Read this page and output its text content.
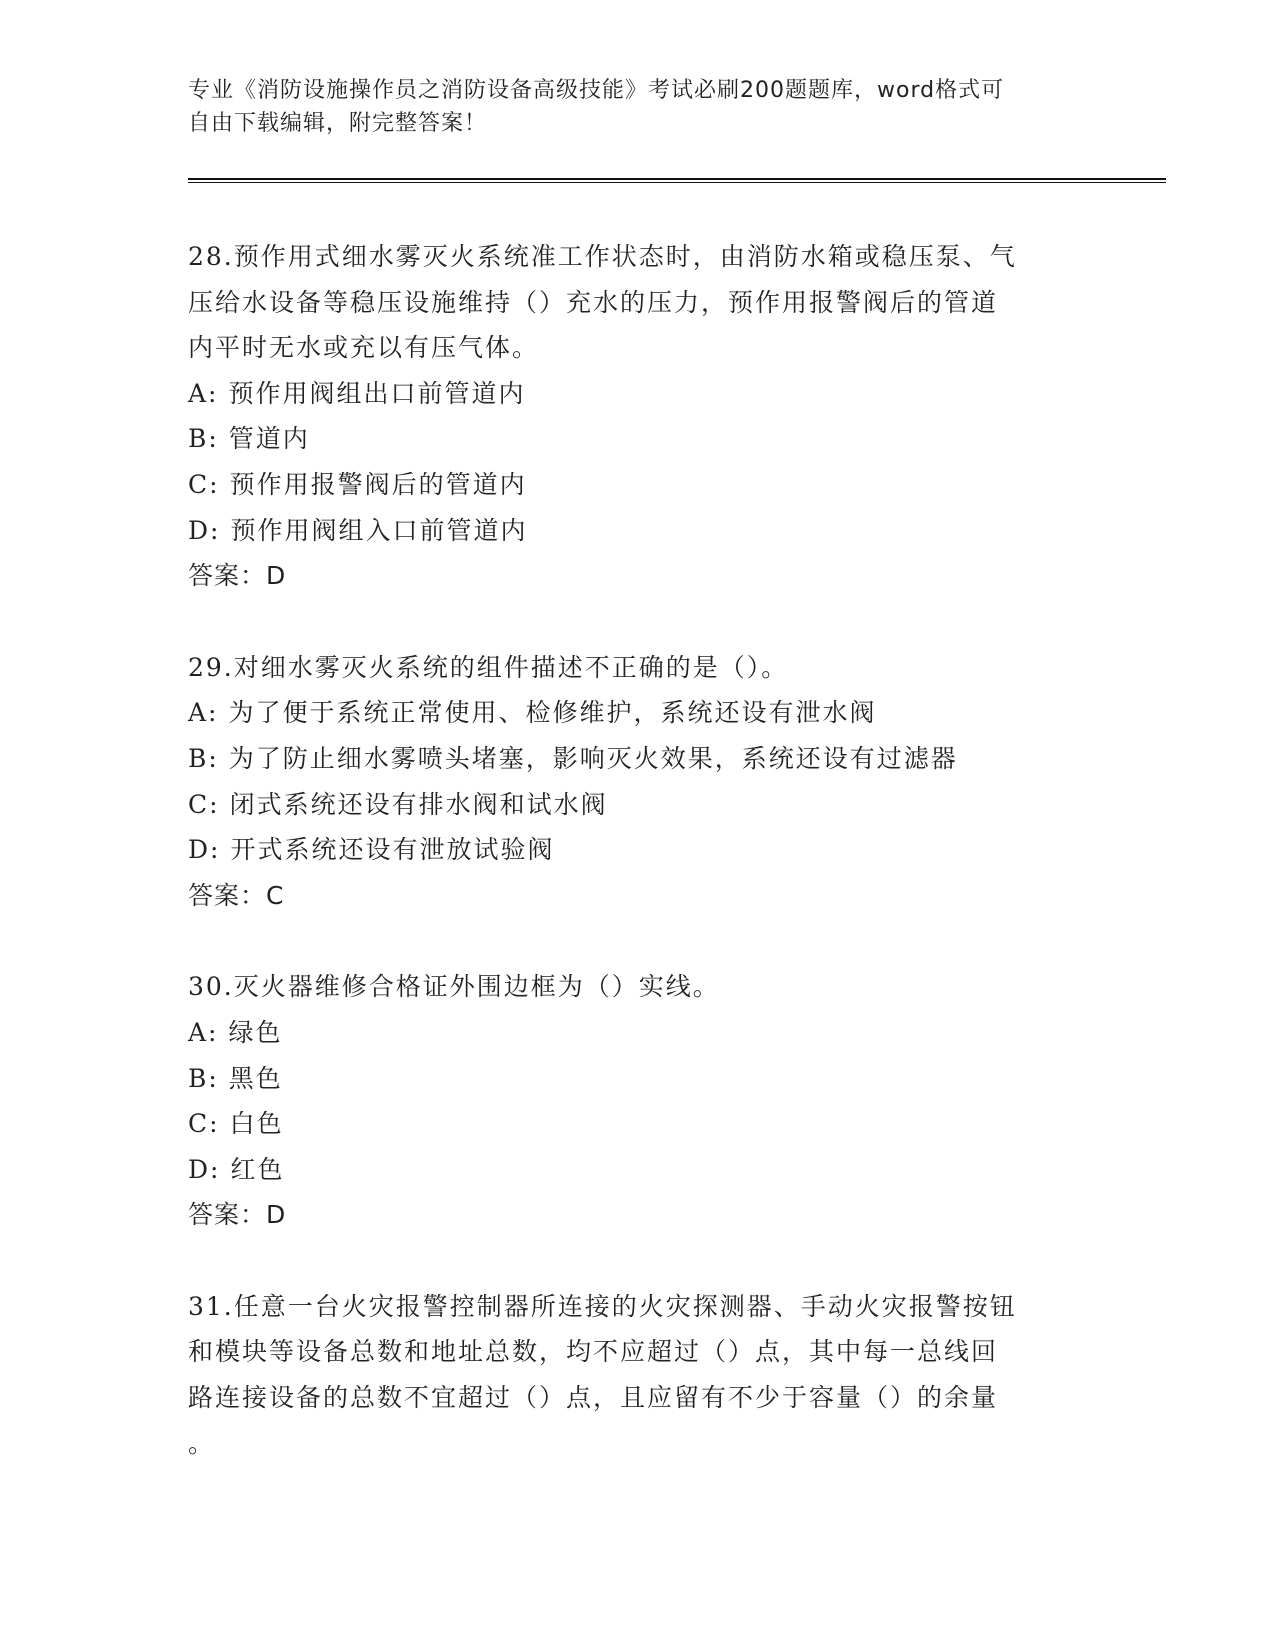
专业《消防设施操作员之消防设备高级技能》考试必刷200题题库，word格式可
自由下载编辑，附完整答案！

28.预作用式细水雾灭火系统准工作状态时，由消防水箱或稳压泵、气

压给水设备等稳压设施维持（）充水的压力，预作用报警阀后的管道

内平时无水或充以有压气体。

A: 预作用阀组出口前管道内

B: 管道内

C: 预作用报警阀后的管道内

D: 预作用阀组入口前管道内

答案：D

29.对细水雾灭火系统的组件描述不正确的是（）。

A: 为了便于系统正常使用、检修维护，系统还设有泄水阀

B: 为了防止细水雾喷头堵塞，影响灭火效果，系统还设有过滤器

C: 闭式系统还设有排水阀和试水阀

D: 开式系统还设有泄放试验阀

答案：C

30.灭火器维修合格证外围边框为（）实线。

A: 绿色

B: 黑色

C: 白色

D: 红色

答案：D

31.任意一台火灾报警控制器所连接的火灾探测器、手动火灾报警按钮

和模块等设备总数和地址总数，均不应超过（）点，其中每一总线回

路连接设备的总数不宜超过（）点，且应留有不少于容量（）的余量

。
